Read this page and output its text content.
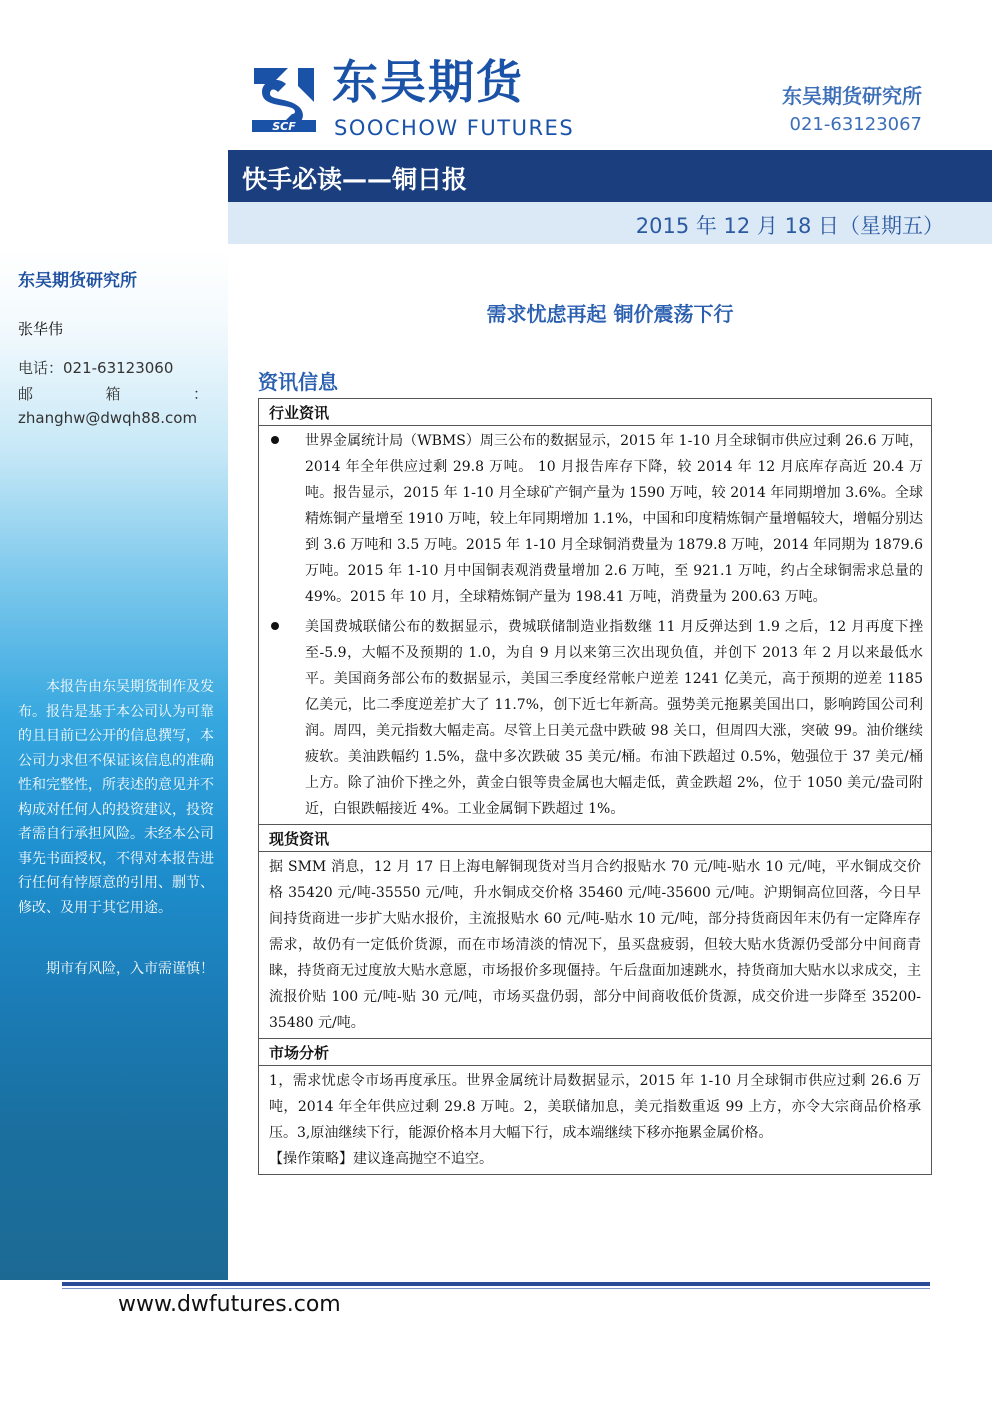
东吴期货研究所
张华伟
电话：021-63123060
邮	箱	：
zhanghw@dwqh88.com

本报告由东吴期货制作及发布。报告是基于本公司认为可靠的且目前已公开的信息撰写，本公司力求但不保证该信息的准确性和完整性，所表述的意见并不构成对任何人的投资建议，投资者需自行承担风险。未经本公司事先书面授权，不得对本报告进行任何有悖原意的引用、删节、修改、及用于其它用途。

期市有风险，入市需谨慎！

SCF
东吴期货
SOOCHOW FUTURES
东吴期货研究所
021-63123067
快手必读——铜日报
2015 年 12 月 18 日（星期五）
需求忧虑再起 铜价震荡下行
资讯信息
行业资讯

世界金属统计局（WBMS）周三公布的数据显示，2015 年 1-10 月全球铜市供应过剩 26.6 万吨，2014 年全年供应过剩 29.8 万吨。 10 月报告库存下降，较 2014 年 12 月底库存高近 20.4 万吨。报告显示，2015 年 1-10 月全球矿产铜产量为 1590 万吨，较 2014 年同期增加 3.6%。全球精炼铜产量增至 1910 万吨，较上年同期增加 1.1%，中国和印度精炼铜产量增幅较大，增幅分别达到 3.6 万吨和 3.5 万吨。2015 年 1-10 月全球铜消费量为 1879.8 万吨，2014 年同期为 1879.6 万吨。2015 年 1-10 月中国铜表观消费量增加 2.6 万吨，至 921.1 万吨，约占全球铜需求总量的 49%。2015 年 10 月，全球精炼铜产量为 198.41 万吨，消费量为 200.63 万吨。

美国费城联储公布的数据显示，费城联储制造业指数继 11 月反弹达到 1.9 之后，12 月再度下挫至-5.9，大幅不及预期的 1.0，为自 9 月以来第三次出现负值，并创下 2013 年 2 月以来最低水平。美国商务部公布的数据显示，美国三季度经常帐户逆差 1241 亿美元，高于预期的逆差 1185 亿美元，比二季度逆差扩大了 11.7%，创下近七年新高。强势美元拖累美国出口，影响跨国公司利润。周四，美元指数大幅走高。尽管上日美元盘中跌破 98 关口，但周四大涨，突破 99。油价继续疲软。美油跌幅约 1.5%，盘中多次跌破 35 美元/桶。布油下跌超过 0.5%，勉强位于 37 美元/桶上方。除了油价下挫之外，黄金白银等贵金属也大幅走低，黄金跌超 2%，位于 1050 美元/盎司附近，白银跌幅接近 4%。工业金属铜下跌超过 1%。

现货资讯

据 SMM 消息，12 月 17 日上海电解铜现货对当月合约报贴水 70 元/吨-贴水 10 元/吨，平水铜成交价格 35420 元/吨-35550 元/吨，升水铜成交价格 35460 元/吨-35600 元/吨。沪期铜高位回落，今日早间持货商进一步扩大贴水报价，主流报贴水 60 元/吨-贴水 10 元/吨，部分持货商因年末仍有一定降库存需求，故仍有一定低价货源，而在市场清淡的情况下，虽买盘疲弱，但较大贴水货源仍受部分中间商青睐，持货商无过度放大贴水意愿，市场报价多现僵持。午后盘面加速跳水，持货商加大贴水以求成交，主流报价贴 100 元/吨-贴 30 元/吨，市场买盘仍弱，部分中间商收低价货源，成交价进一步降至 35200-35480 元/吨。

市场分析

1，需求忧虑令市场再度承压。世界金属统计局数据显示，2015 年 1-10 月全球铜市供应过剩 26.6 万吨，2014 年全年供应过剩 29.8 万吨。2，美联储加息，美元指数重返 99 上方，亦令大宗商品价格承压。3,原油继续下行，能源价格本月大幅下行，成本端继续下移亦拖累金属价格。

【操作策略】建议逢高抛空不追空。

www.dwfutures.com
